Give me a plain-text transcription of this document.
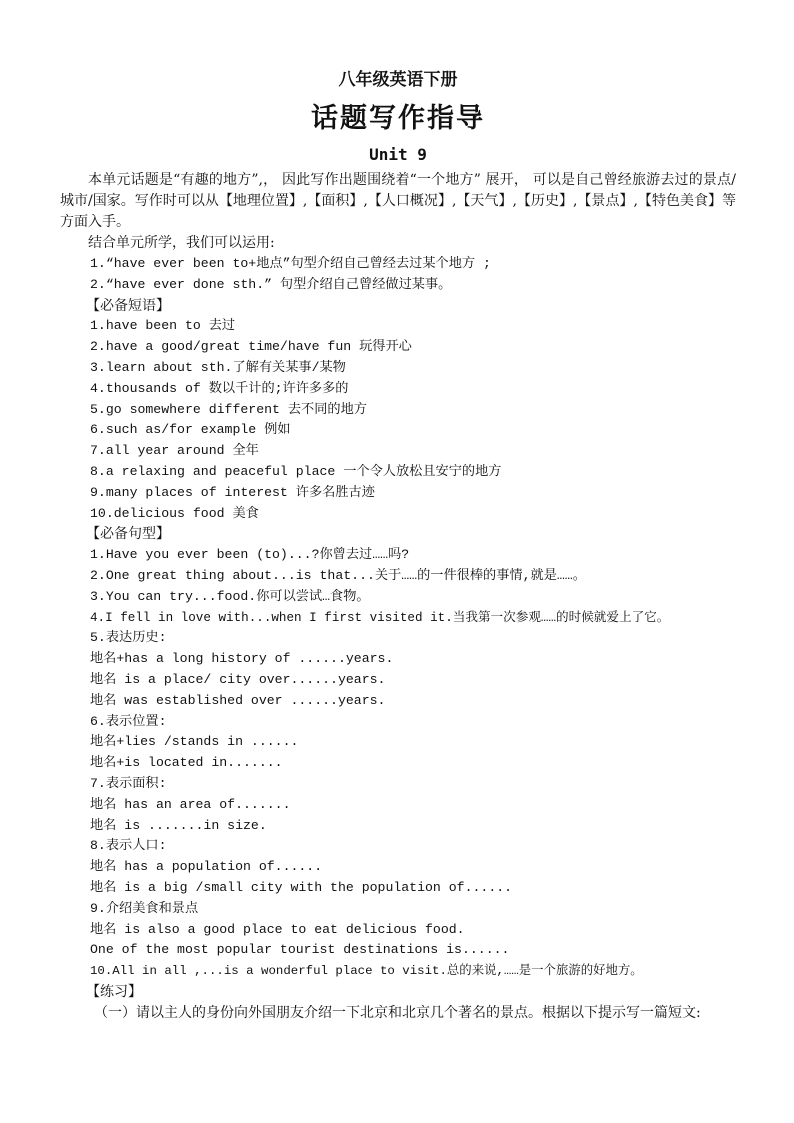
八年级英语下册
话题写作指导
Unit 9

本单元话题是“有趣的地方”,， 因此写作出题围绕着“一个地方” 展开， 可以是自己曾经旅游去过的景点/城市/国家。写作时可以从【地理位置】,【面积】,【人口概况】,【天气】,【历史】,【景点】,【特色美食】等方面入手。

结合单元所学，我们可以运用:

1.“have ever been to+地点”句型介绍自己曾经去过某个地方 ;

2.“have ever done sth.” 句型介绍自己曾经做过某事。

【必备短语】

1.have been to 去过

2.have a good/great time/have fun 玩得开心

3.learn about sth.了解有关某事/某物

4.thousands of 数以千计的;许许多多的

5.go somewhere different 去不同的地方

6.such as/for example 例如

7.all year around 全年

8.a relaxing and peaceful place 一个令人放松且安宁的地方

9.many places of interest 许多名胜古迹

10.delicious food 美食

【必备句型】

1.Have you ever been (to)...?你曾去过……吗?

2.One great thing about...is that...关于……的一件很棒的事情,就是……。

3.You can try...food.你可以尝试…食物。

4.I fell in love with...when I first visited it.当我第一次参观……的时候就爱上了它。

5.表达历史:

地名+has a long history of ......years.

地名 is a place/ city over......years.

地名 was established over ......years.

6.表示位置:

地名+lies /stands in ......

地名+is located in.......

7.表示面积:

地名 has an area of.......

地名 is .......in size.

8.表示人口:

地名 has a population of......

地名 is a big /small city with the population of......

9.介绍美食和景点

地名 is also a good place to eat delicious food.

One of the most popular tourist destinations is......

10.All in all ,...is a wonderful place to visit.总的来说,……是一个旅游的好地方。

【练习】

（一）请以主人的身份向外国朋友介绍一下北京和北京几个著名的景点。根据以下提示写一篇短文:
